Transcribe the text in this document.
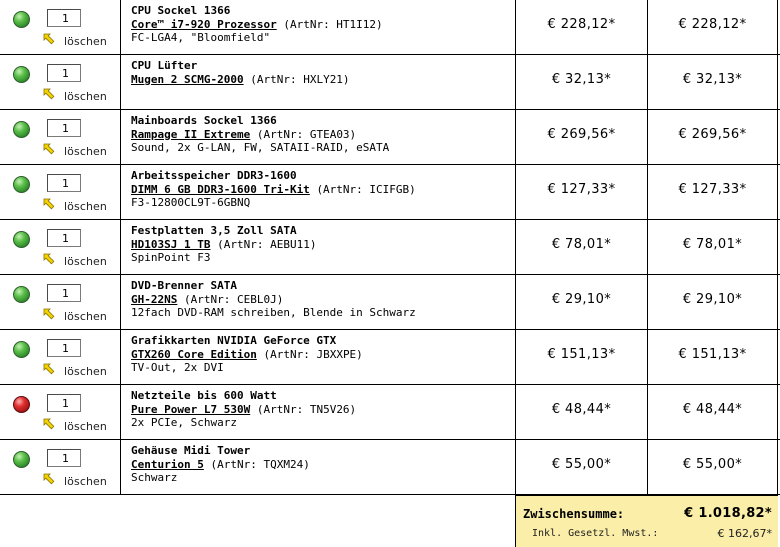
1
löschen
CPU Sockel 1366
Core™ i7-920 Prozessor (ArtNr: HT1I12)
FC-LGA4, "Bloomfield"
€ 228,12*	€ 228,12*
1
löschen
CPU Lüfter
Mugen 2 SCMG-2000 (ArtNr: HXLY21)	€ 32,13*	€ 32,13*
1
löschen
Mainboards Sockel 1366
Rampage II Extreme (ArtNr: GTEA03)
Sound, 2x G-LAN, FW, SATAII-RAID, eSATA
€ 269,56*	€ 269,56*
1
löschen
Arbeitsspeicher DDR3-1600
DIMM 6 GB DDR3-1600 Tri-Kit (ArtNr: ICIFGB)
F3-12800CL9T-6GBNQ
€ 127,33*	€ 127,33*
1
löschen
Festplatten 3,5 Zoll SATA
HD103SJ 1 TB (ArtNr: AEBU11)
SpinPoint F3
€ 78,01*	€ 78,01*
1
löschen
DVD-Brenner SATA
GH-22NS (ArtNr: CEBL0J)
12fach DVD-RAM schreiben, Blende in Schwarz
€ 29,10*	€ 29,10*
1
löschen
Grafikkarten NVIDIA GeForce GTX
GTX260 Core Edition (ArtNr: JBXXPE)
TV-Out, 2x DVI
€ 151,13*	€ 151,13*
1
löschen
Netzteile bis 600 Watt
Pure Power L7 530W (ArtNr: TN5V26)
2x PCIe, Schwarz
€ 48,44*	€ 48,44*
1
löschen
Gehäuse Midi Tower
Centurion 5 (ArtNr: TQXM24)
Schwarz
€ 55,00*	€ 55,00*
Zwischensumme:	€ 1.018,82*
Inkl. Gesetzl. Mwst.:	€ 162,67*
